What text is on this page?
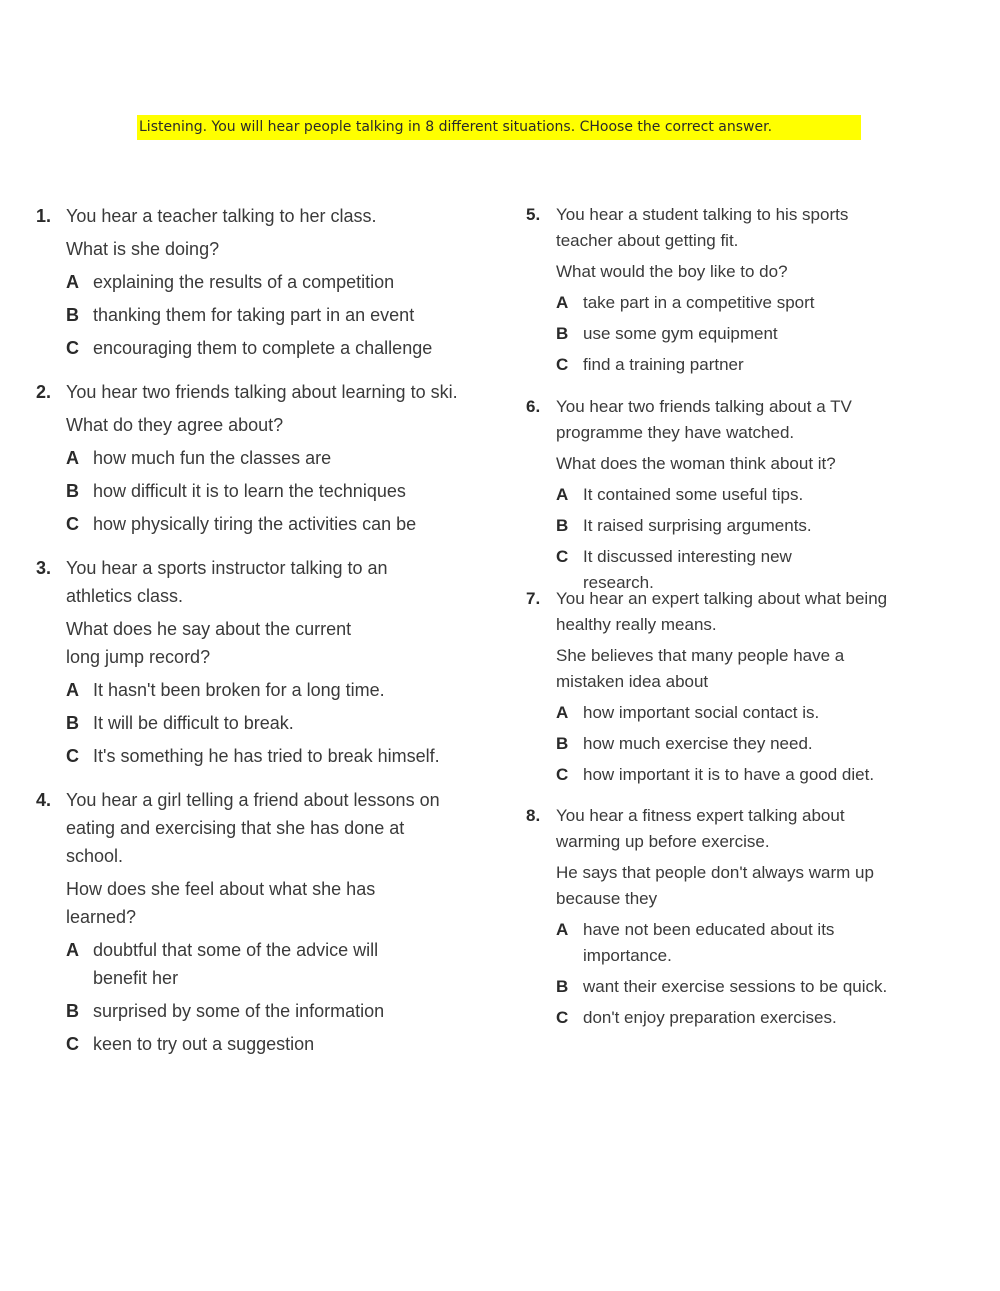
Listening. You will hear people talking in 8 different situations. CHoose the correct answer.
1. You hear a teacher talking to her class.

What is she doing?
A explaining the results of a competition
B thanking them for taking part in an event
C encouraging them to complete a challenge
2. You hear two friends talking about learning to ski.

What do they agree about?
A how much fun the classes are
B how difficult it is to learn the techniques
C how physically tiring the activities can be
3. You hear a sports instructor talking to an athletics class.

What does he say about the current long jump record?
A It hasn't been broken for a long time.
B It will be difficult to break.
C It's something he has tried to break himself.
4. You hear a girl telling a friend about lessons on eating and exercising that she has done at school.

How does she feel about what she has learned?
A doubtful that some of the advice will benefit her
B surprised by some of the information
C keen to try out a suggestion
5. You hear a student talking to his sports teacher about getting fit.

What would the boy like to do?
A take part in a competitive sport
B use some gym equipment
C find a training partner
6. You hear two friends talking about a TV programme they have watched.

What does the woman think about it?
A It contained some useful tips.
B It raised surprising arguments.
C It discussed interesting new research.
7. You hear an expert talking about what being healthy really means.

She believes that many people have a mistaken idea about
A how important social contact is.
B how much exercise they need.
C how important it is to have a good diet.
8. You hear a fitness expert talking about warming up before exercise.

He says that people don't always warm up because they
A have not been educated about its importance.
B want their exercise sessions to be quick.
C don't enjoy preparation exercises.
